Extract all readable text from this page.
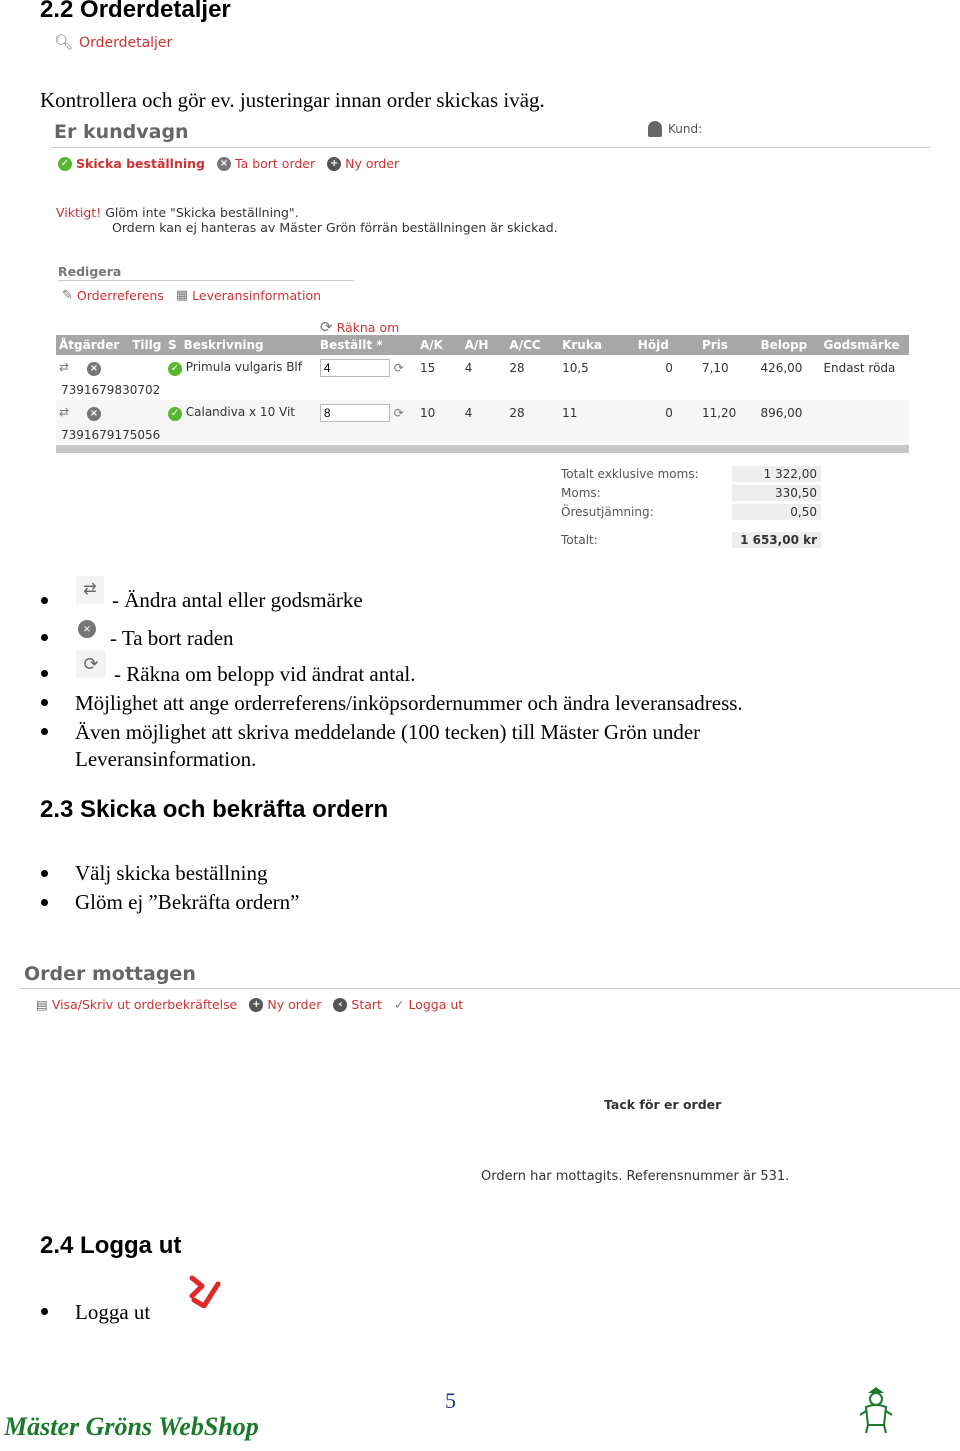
2.2 Orderdetaljer
🔍︎ Orderdetaljer
Kontrollera och gör ev. justeringar innan order skickas iväg.
Er kundvagn	Kund:
✓ Skicka beställning × Ta bort order + Ny order
Viktigt! Glöm inte "Skicka beställning".
Ordern kan ej hanteras av Mäster Grön förrän beställningen är skickad.
Redigera
✎ Orderreferens ▦ Leveransinformation
⟳ Räkna om
Åtgärder	Tillg	S	Beskrivning	Beställt *	A/K	A/H	A/CC	Kruka	Höjd	Pris	Belopp	Godsmärke
⇄ ×		✓ Primula vulgaris Blf	4⟳	15	4	28	10,5	0	7,10	426,00	Endast röda
7391679830702												
⇄ ×		✓ Calandiva x 10 Vit	8⟳	10	4	28	11	0	11,20	896,00	
7391679175056												

Totalt exklusive moms:	1 322,00
Moms:	330,50
Öresutjämning:	0,50

Totalt:	1 653,00 kr
⇄ - Ändra antal eller godsmärke
× - Ta bort raden
⟳ - Räkna om belopp vid ändrat antal.
Möjlighet att ange orderreferens/inköpsordernummer och ändra leveransadress.
Även möjlighet att skriva meddelande (100 tecken) till Mäster Grön under
Leveransinformation.
2.3 Skicka och bekräfta ordern
Välj skicka beställning
Glöm ej ”Bekräfta ordern”
Order mottagen
▤ Visa/Skriv ut orderbekräftelse + Ny order	‹ Start ✓ Logga ut
Tack för er order
Ordern har mottagits. Referensnummer är 531.
2.4 Logga ut
Logga ut
5
Mäster Gröns WebShop
